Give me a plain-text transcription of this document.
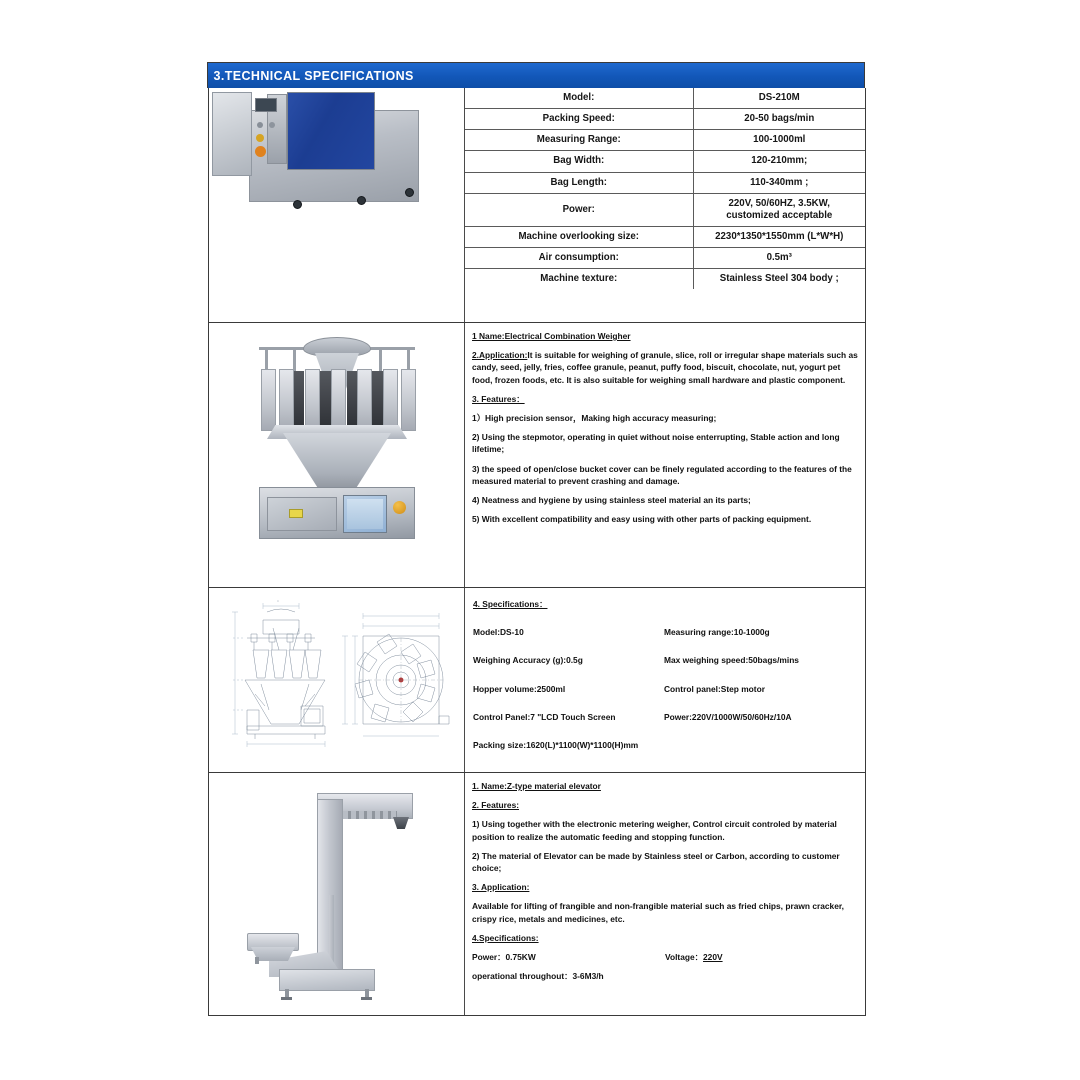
3.TECHNICAL SPECIFICATIONS
Model:	DS-210M
Packing Speed:	20-50 bags/min
Measuring Range:	100-1000ml
Bag Width:	120-210mm;
Bag Length:	110-340mm ;
Power:	220V, 50/60HZ, 3.5KW, customized acceptable
Machine overlooking size:	2230*1350*1550mm (L*W*H)
Air consumption:	0.5m³
Machine texture:	Stainless Steel 304 body ;

1 Name:Electrical Combination Weigher

2.Application:It is suitable for weighing of granule, slice, roll or irregular shape materials such as candy, seed, jelly, fries, coffee granule, peanut, puffy food, biscuit, chocolate, nut, yogurt pet food, frozen foods, etc. It is also suitable for weighing small hardware and plastic component.

3. Features：

1）High precision sensor，Making high accuracy measuring;

2) Using the stepmotor, operating in quiet without noise enterrupting, Stable action and long lifetime;

3) the speed of open/close bucket cover can be finely regulated according to the features of the measured material to prevent crashing and damage.

4) Neatness and hygiene by using stainless steel material an its parts;

5) With excellent compatibility and easy using with other parts of packing equipment.

□	4. Specifications：

Model:DS-10	Measuring range:10-1000g
Weighing Accuracy (g):0.5g	Max weighing speed:50bags/mins
Hopper volume:2500ml	Control panel:Step motor
Control Panel:7 "LCD Touch Screen	Power:220V/1000W/50/60Hz/10A
Packing size:1620(L)*1100(W)*1100(H)mm

1. Name:Z-type material elevator

2. Features:

1) Using together with the electronic metering weigher, Control circuit controled by material position to realize the automatic feeding and stopping function.

2) The material of Elevator can be made by Stainless steel or Carbon, according to customer choice;

3. Application:

Available for lifting of frangible and non-frangible material such as fried chips, prawn cracker, crispy rice, metals and medicines, etc.

4.Specifications:

Power：0.75KW	Voltage：220V

operational throughout：3-6M3/h
